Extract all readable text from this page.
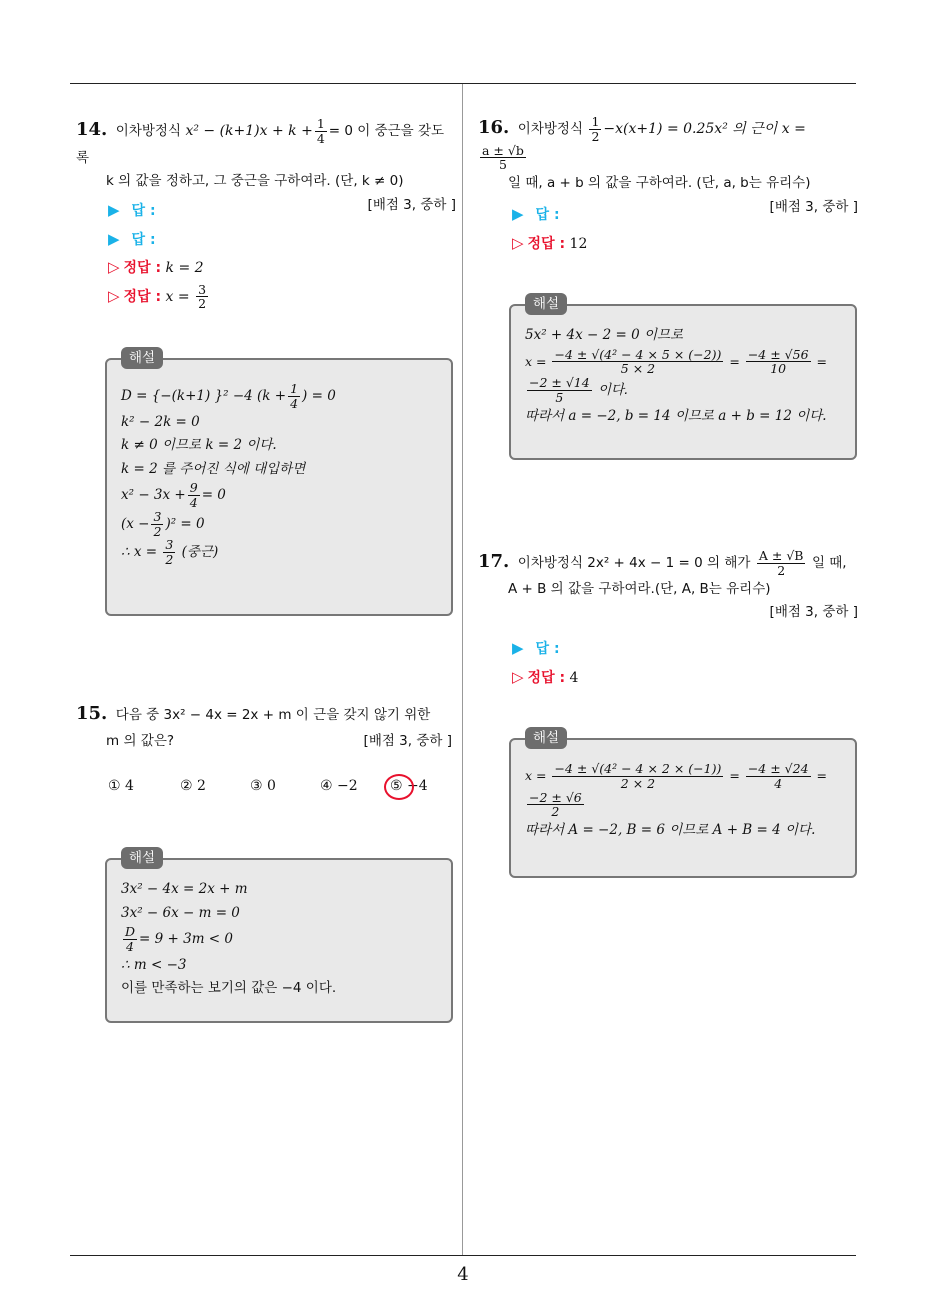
4
14. 이차방정식 $x^2 - (k+1)x + k + \frac{1}{4} = 0$ 이 중근을 갖도록
k 의 값을 정하고, 그 중근을 구하여라. (단, k ≠ 0)
[배점 3, 중하 ]
▶ 답 :
▶ 답 :
▷ 정답 : k = 2
▷ 정답 : $x = \frac{3}{2}$
해설
D = {−(k+1) }² −4 ($k + \frac{1}{4}$ ) = 0
k² − 2k = 0
k ≠ 0 이므로 k = 2 이다.
k = 2 를 주어진 식에 대입하면
$x^2 - 3x + \frac{9}{4} = 0$
$(x - \frac{3}{2} )^2 = 0$
∴ $x = \frac{3}{2}$ (중근)
15. 다음 중 3x² − 4x = 2x + m 이 근을 갖지 않기 위한
m 의 값은?	[배점 3, 중하 ]
① 4	② 2	③ 0	④ −2 ⑤ −4
해설
3x² − 4x = 2x + m
3x² − 6x − m = 0
$\frac{D}{4} = 9 + 3m < 0$
∴ m < −3
이를 만족하는 보기의 값은 −4 이다.
16. 이차방정식 $\frac{1}{2} -x(x+1) = 0.25x^2$ 의 근이 x =
$\frac{a \pm √b}{5}$
일 때, a + b 의 값을 구하여라. (단, a, b는 유리수)
[배점 3, 중하 ]
▶ 답 :
▷ 정답 : 12
해설
5x² + 4x − 2 = 0 이므로
$x = \frac{\text{−4 ± √(4² − 4 × 5 × (−2))}}{5 \times 2} = \frac{-4 \pm √56}{10}$ =
$\frac{-2 \pm √14}{5}$ 이다.
따라서 a = −2, b = 14 이므로 a + b = 12 이다.
17. 이차방정식 2x² + 4x − 1 = 0 의 해가 $\frac{A \pm √B}{2}$ 일 때,
A + B 의 값을 구하여라.(단, A, B는 유리수)
[배점 3, 중하 ]
▶ 답 :
▷ 정답 : 4
해설
$x = \frac{\text{−4 ± √(4² − 4 × 2 × (−1))}}{2 \times 2} = \frac{-4 \pm √24}{4}$ =
$\frac{-2 \pm √6}{2}$
따라서 A = −2, B = 6 이므로 A + B = 4 이다.
